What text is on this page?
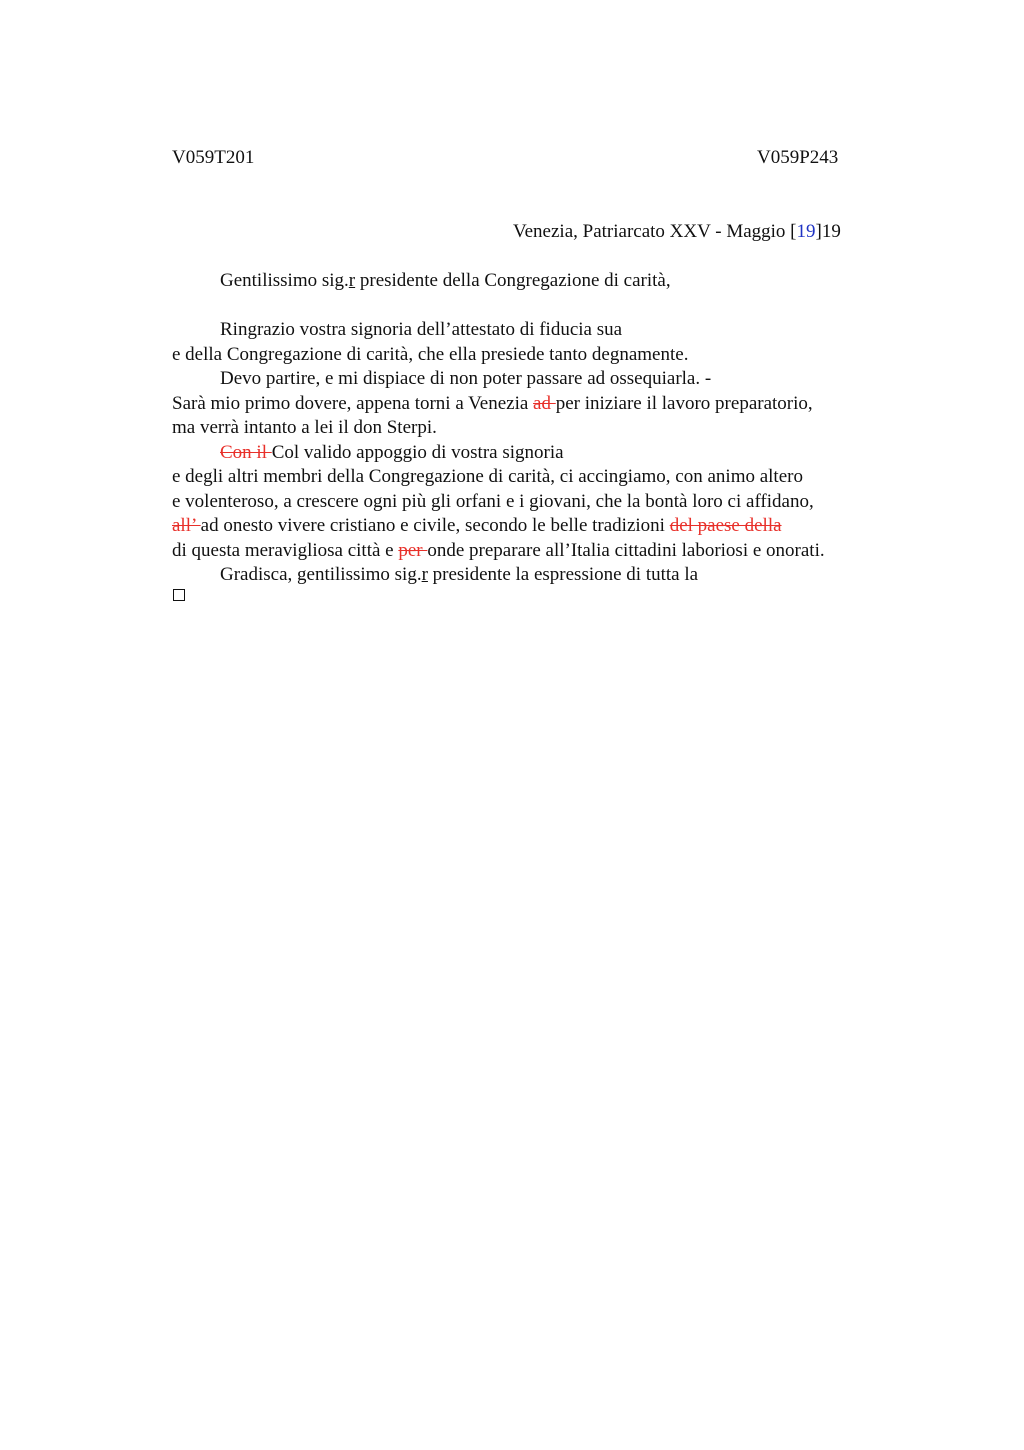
V059T201	V059P243
Venezia, Patriarcato XXV - Maggio [19]19
Gentilissimo sig.r presidente della Congregazione di carità,
Ringrazio vostra signoria dell’attestato di fiducia sua
e della Congregazione di carità, che ella presiede tanto degnamente.
Devo partire, e mi dispiace di non poter passare ad ossequiarla. -
Sarà mio primo dovere, appena torni a Venezia ad per iniziare il lavoro preparatorio,
ma verrà intanto a lei il don Sterpi.
Con il Col valido appoggio di vostra signoria
e degli altri membri della Congregazione di carità, ci accingiamo, con animo altero
e volenteroso, a crescere ogni più gli orfani e i giovani, che la bontà loro ci affidano,
all’ ad onesto vivere cristiano e civile, secondo le belle tradizioni del paese della
di questa meravigliosa città e per onde preparare all’Italia cittadini laboriosi e onorati.
Gradisca, gentilissimo sig.r presidente la espressione di tutta la
